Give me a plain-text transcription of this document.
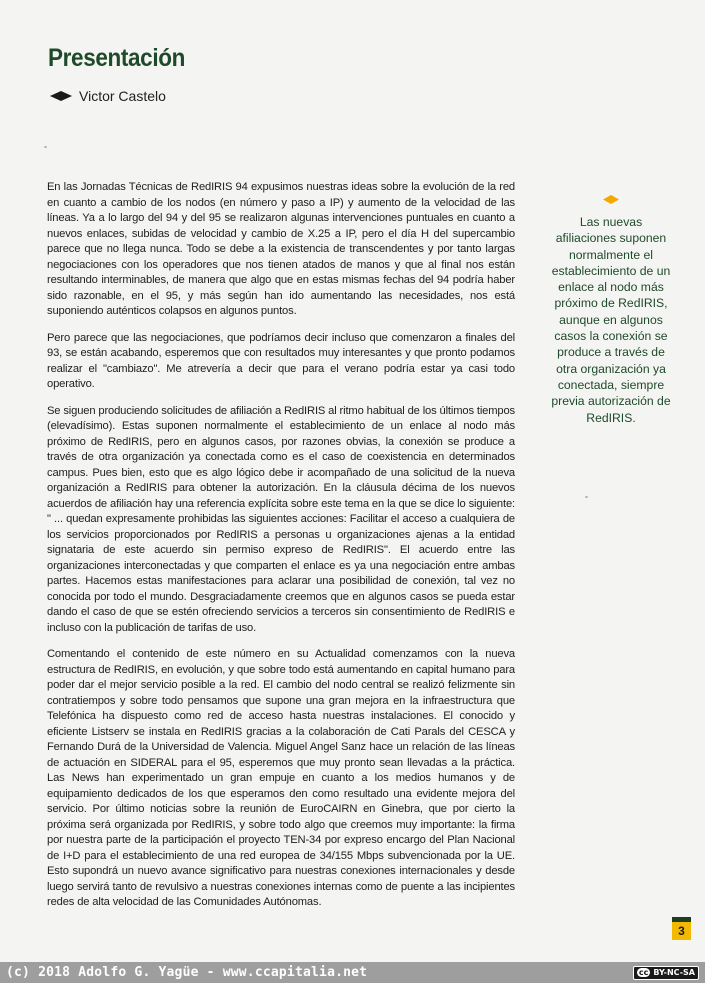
Presentación
Victor Castelo

En las Jornadas Técnicas de RedIRIS 94 expusimos nuestras ideas sobre la evolución de la red en cuanto a cambio de los nodos (en número y paso a IP) y aumento de la velocidad de las líneas. Ya a lo largo del 94 y del 95 se realizaron algunas intervenciones puntuales en cuanto a nuevos enlaces, subidas de velocidad y cambio de X.25 a IP, pero el día H del supercambio parece que no llega nunca. Todo se debe a la existencia de transcendentes y por tanto largas negociaciones con los operadores que nos tienen atados de manos y que al final nos están resultando interminables, de manera que algo que en estas mismas fechas del 94 podría haber sido razonable, en el 95, y más según han ido aumentando las necesidades, nos está suponiendo auténticos colapsos en algunos puntos.

Pero parece que las negociaciones, que podríamos decir incluso que comenzaron a finales del 93, se están acabando, esperemos que con resultados muy interesantes y que pronto podamos realizar el "cambiazo". Me atrevería a decir que para el verano podría estar ya casi todo operativo.

Se siguen produciendo solicitudes de afiliación a RedIRIS al ritmo habitual de los últimos tiempos (elevadísimo). Estas suponen normalmente el establecimiento de un enlace al nodo más próximo de RedIRIS, pero en algunos casos, por razones obvias, la conexión se produce a través de otra organización ya conectada como es el caso de coexistencia en determinados campus. Pues bien, esto que es algo lógico debe ir acompañado de una solicitud de la nueva organización a RedIRIS para obtener la autorización. En la cláusula décima de los nuevos acuerdos de afiliación hay una referencia explícita sobre este tema en la que se dice lo siguiente: " ... quedan expresamente prohibidas las siguientes acciones: Facilitar el acceso a cualquiera de los servicios proporcionados por RedIRIS a personas u organizaciones ajenas a la entidad signataria de este acuerdo sin permiso expreso de RedIRIS". El acuerdo entre las organizaciones interconectadas y que comparten el enlace es ya una negociación entre ambas partes. Hacemos estas manifestaciones para aclarar una posibilidad de conexión, tal vez no conocida por todo el mundo. Desgraciadamente creemos que en algunos casos se pueda estar dando el caso de que se estén ofreciendo servicios a terceros sin consentimiento de RedIRIS e incluso con la publicación de tarifas de uso.

Comentando el contenido de este número en su Actualidad comenzamos con la nueva estructura de RedIRIS, en evolución, y que sobre todo está aumentando en capital humano para poder dar el mejor servicio posible a la red. El cambio del nodo central se realizó felizmente sin contratiempos y sobre todo pensamos que supone una gran mejora en la infraestructura que Telefónica ha dispuesto como red de acceso hasta nuestras instalaciones. El conocido y eficiente Listserv se instala en RedIRIS gracias a la colaboración de Cati Parals del CESCA y Fernando Durá de la Universidad de Valencia. Miguel Angel Sanz hace un relación de las líneas de actuación en SIDERAL para el 95, esperemos que muy pronto sean llevadas a la práctica. Las News han experimentado un gran empuje en cuanto a los medios humanos y de equipamiento dedicados de los que esperamos den como resultado una evidente mejora del servicio. Por último noticias sobre la reunión de EuroCAIRN en Ginebra, que por cierto la próxima será organizada por RedIRIS, y sobre todo algo que creemos muy importante: la firma por nuestra parte de la participación el proyecto TEN-34 por expreso encargo del Plan Nacional de I+D para el establecimiento de una red europea de 34/155 Mbps subvencionada por la UE. Esto supondrá un nuevo avance significativo para nuestras conexiones internacionales y desde luego servirá tanto de revulsivo a nuestras conexiones internas como de puente a las incipientes redes de alta velocidad de las Comunidades Autónomas.

Las nuevas afiliaciones suponen normalmente el establecimiento de un enlace al nodo más próximo de RedIRIS, aunque en algunos casos la conexión se produce a través de otra organización ya conectada, siempre previa autorización de RedIRIS.

3
(c) 2018 Adolfo G. Yagüe - www.ccapitalia.net	cc BY-NC-SA
